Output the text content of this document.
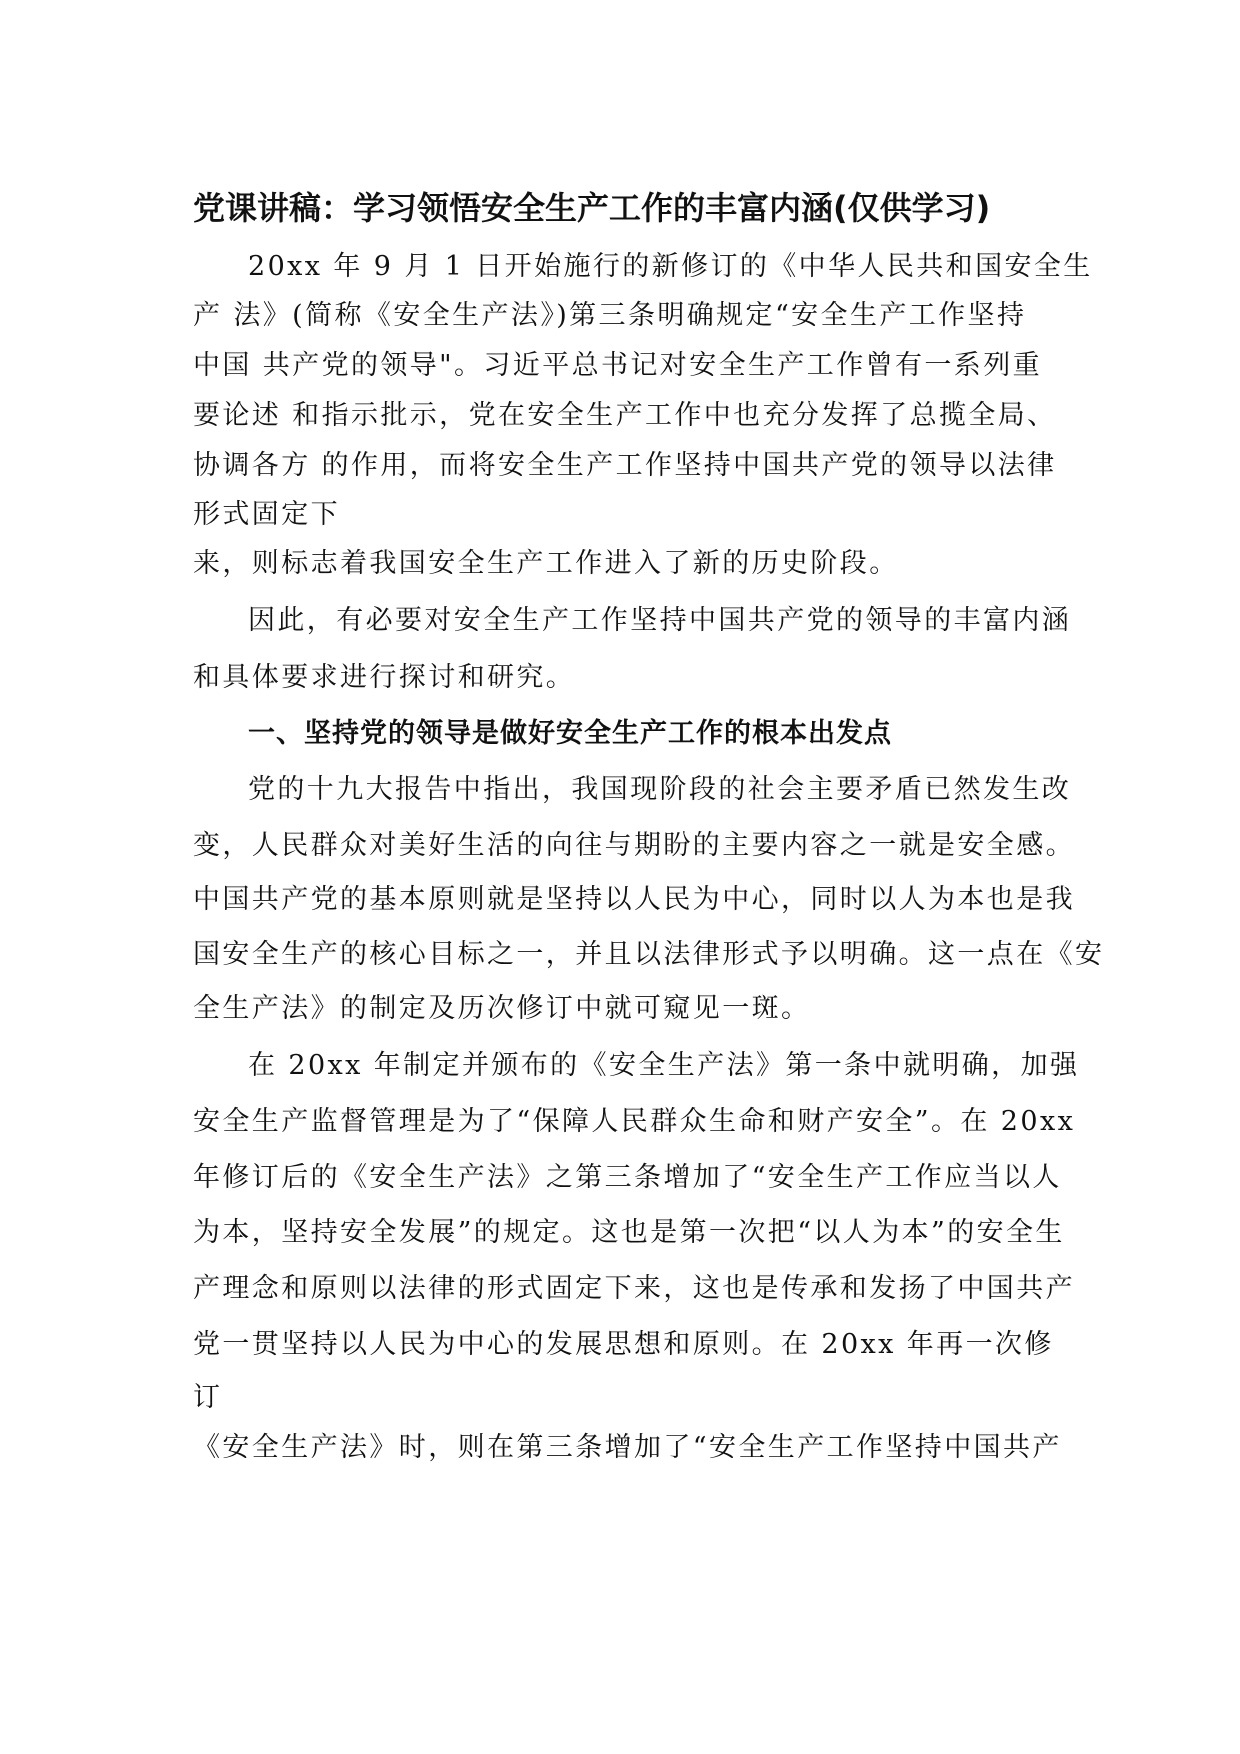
党课讲稿：学习领悟安全生产工作的丰富内涵(仅供学习)
20xx 年 9 月 1 日开始施行的新修订的《中华人民共和国安全生
产 法》(简称《安全生产法》)第三条明确规定“安全生产工作坚持
中国 共产党的领导"。习近平总书记对安全生产工作曾有一系列重
要论述 和指示批示，党在安全生产工作中也充分发挥了总揽全局、
协调各方 的作用，而将安全生产工作坚持中国共产党的领导以法律
形式固定下
来，则标志着我国安全生产工作进入了新的历史阶段。
因此，有必要对安全生产工作坚持中国共产党的领导的丰富内涵
和具体要求进行探讨和研究。
一、坚持党的领导是做好安全生产工作的根本出发点
党的十九大报告中指出，我国现阶段的社会主要矛盾已然发生改
变，人民群众对美好生活的向往与期盼的主要内容之一就是安全感。
中国共产党的基本原则就是坚持以人民为中心，同时以人为本也是我
国安全生产的核心目标之一，并且以法律形式予以明确。这一点在《安
全生产法》的制定及历次修订中就可窥见一斑。
在 20xx 年制定并颁布的《安全生产法》第一条中就明确，加强
安全生产监督管理是为了“保障人民群众生命和财产安全”。在 20xx
年修订后的《安全生产法》之第三条增加了“安全生产工作应当以人
为本，坚持安全发展”的规定。这也是第一次把“以人为本”的安全生
产理念和原则以法律的形式固定下来，这也是传承和发扬了中国共产
党一贯坚持以人民为中心的发展思想和原则。在 20xx 年再一次修
订
《安全生产法》时，则在第三条增加了“安全生产工作坚持中国共产
